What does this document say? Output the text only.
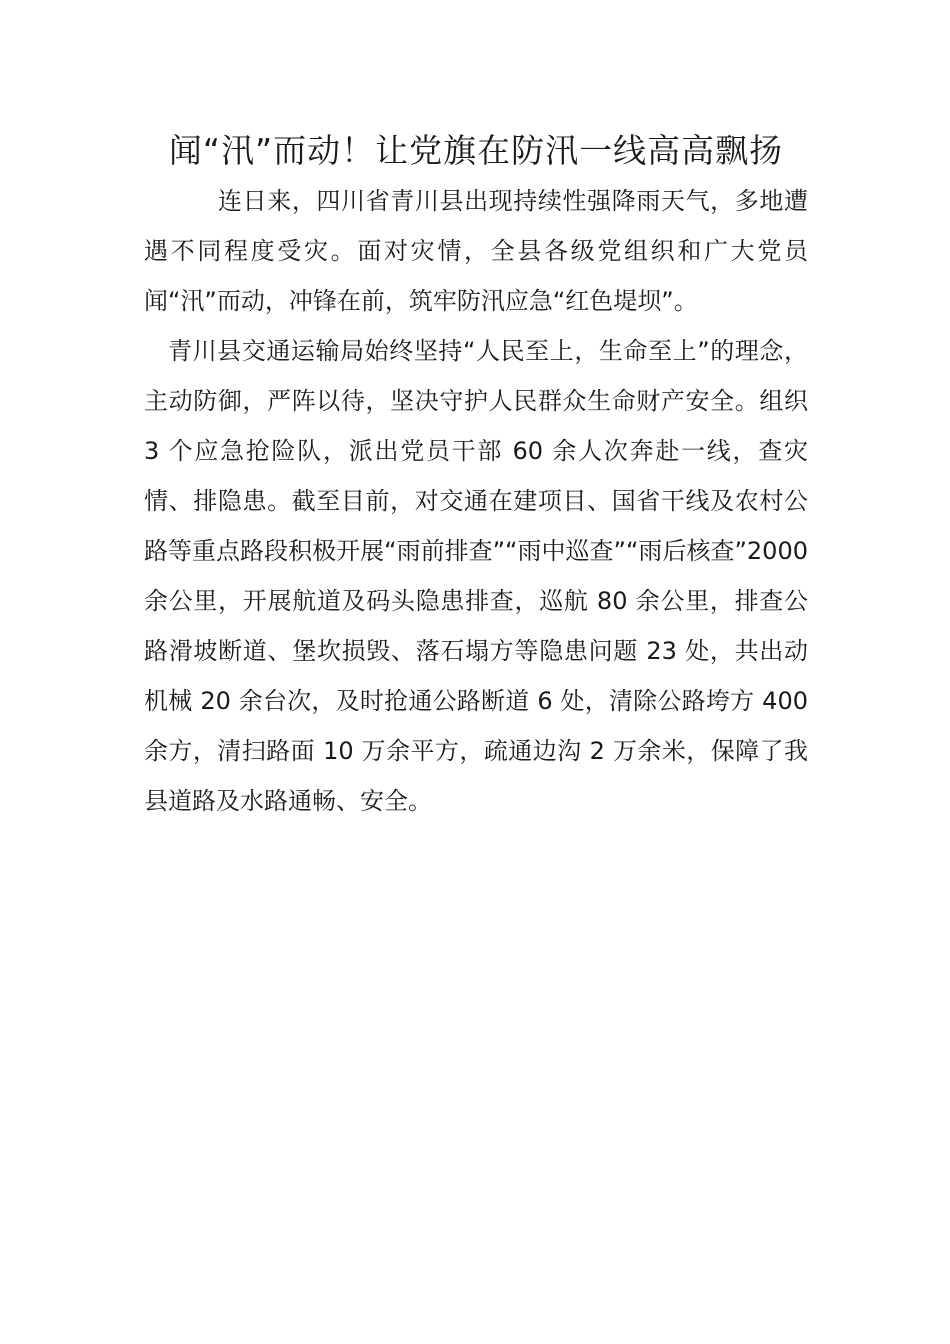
闻“汛”而动！让党旗在防汛一线高高飘扬

连日来，四川省青川县出现持续性强降雨天气，多地遭遇不同程度受灾。面对灾情，全县各级党组织和广大党员闻“汛”而动，冲锋在前，筑牢防汛应急“红色堤坝”。

青川县交通运输局始终坚持“人民至上，生命至上”的理念，主动防御，严阵以待，坚决守护人民群众生命财产安全。组织 3 个应急抢险队，派出党员干部 60 余人次奔赴一线，查灾情、排隐患。截至目前，对交通在建项目、国省干线及农村公路等重点路段积极开展“雨前排查”“雨中巡查”“雨后核查”2000 余公里，开展航道及码头隐患排查，巡航 80 余公里，排查公路滑坡断道、堡坎损毁、落石塌方等隐患问题 23 处，共出动机械 20 余台次，及时抢通公路断道 6 处，清除公路垮方 400 余方，清扫路面 10 万余平方，疏通边沟 2 万余米，保障了我县道路及水路通畅、安全。
